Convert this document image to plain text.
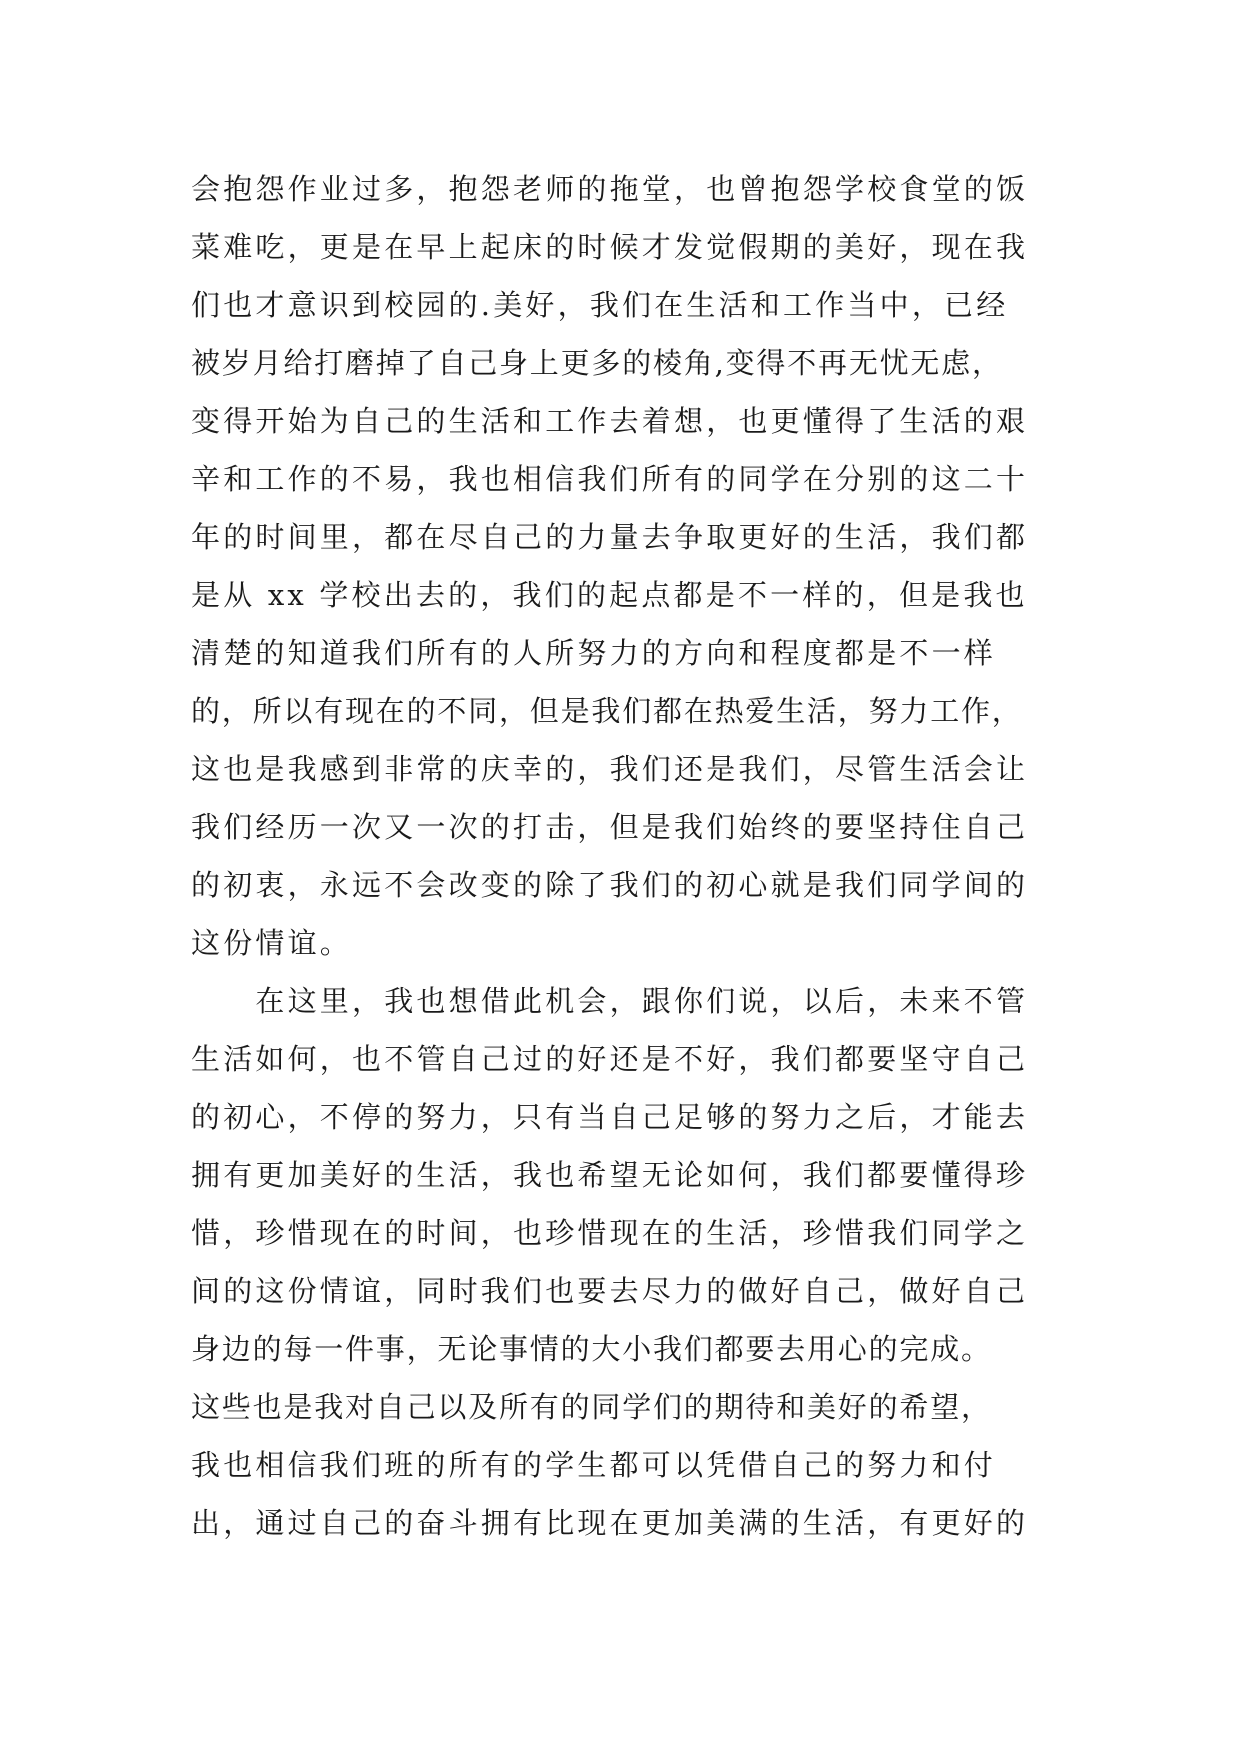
会抱怨作业过多，抱怨老师的拖堂，也曾抱怨学校食堂的饭
菜难吃，更是在早上起床的时候才发觉假期的美好，现在我
们也才意识到校园的.美好，我们在生活和工作当中，已经
被岁月给打磨掉了自己身上更多的棱角,变得不再无忧无虑，
变得开始为自己的生活和工作去着想，也更懂得了生活的艰
辛和工作的不易，我也相信我们所有的同学在分别的这二十
年的时间里，都在尽自己的力量去争取更好的生活，我们都
是从 xx 学校出去的，我们的起点都是不一样的，但是我也
清楚的知道我们所有的人所努力的方向和程度都是不一样
的，所以有现在的不同，但是我们都在热爱生活，努力工作，
这也是我感到非常的庆幸的，我们还是我们，尽管生活会让
我们经历一次又一次的打击，但是我们始终的要坚持住自己
的初衷，永远不会改变的除了我们的初心就是我们同学间的
这份情谊。
　　在这里，我也想借此机会，跟你们说，以后，未来不管
生活如何，也不管自己过的好还是不好，我们都要坚守自己
的初心，不停的努力，只有当自己足够的努力之后，才能去
拥有更加美好的生活，我也希望无论如何，我们都要懂得珍
惜，珍惜现在的时间，也珍惜现在的生活，珍惜我们同学之
间的这份情谊，同时我们也要去尽力的做好自己，做好自己
身边的每一件事，无论事情的大小我们都要去用心的完成。
这些也是我对自己以及所有的同学们的期待和美好的希望，
我也相信我们班的所有的学生都可以凭借自己的努力和付
出，通过自己的奋斗拥有比现在更加美满的生活，有更好的
